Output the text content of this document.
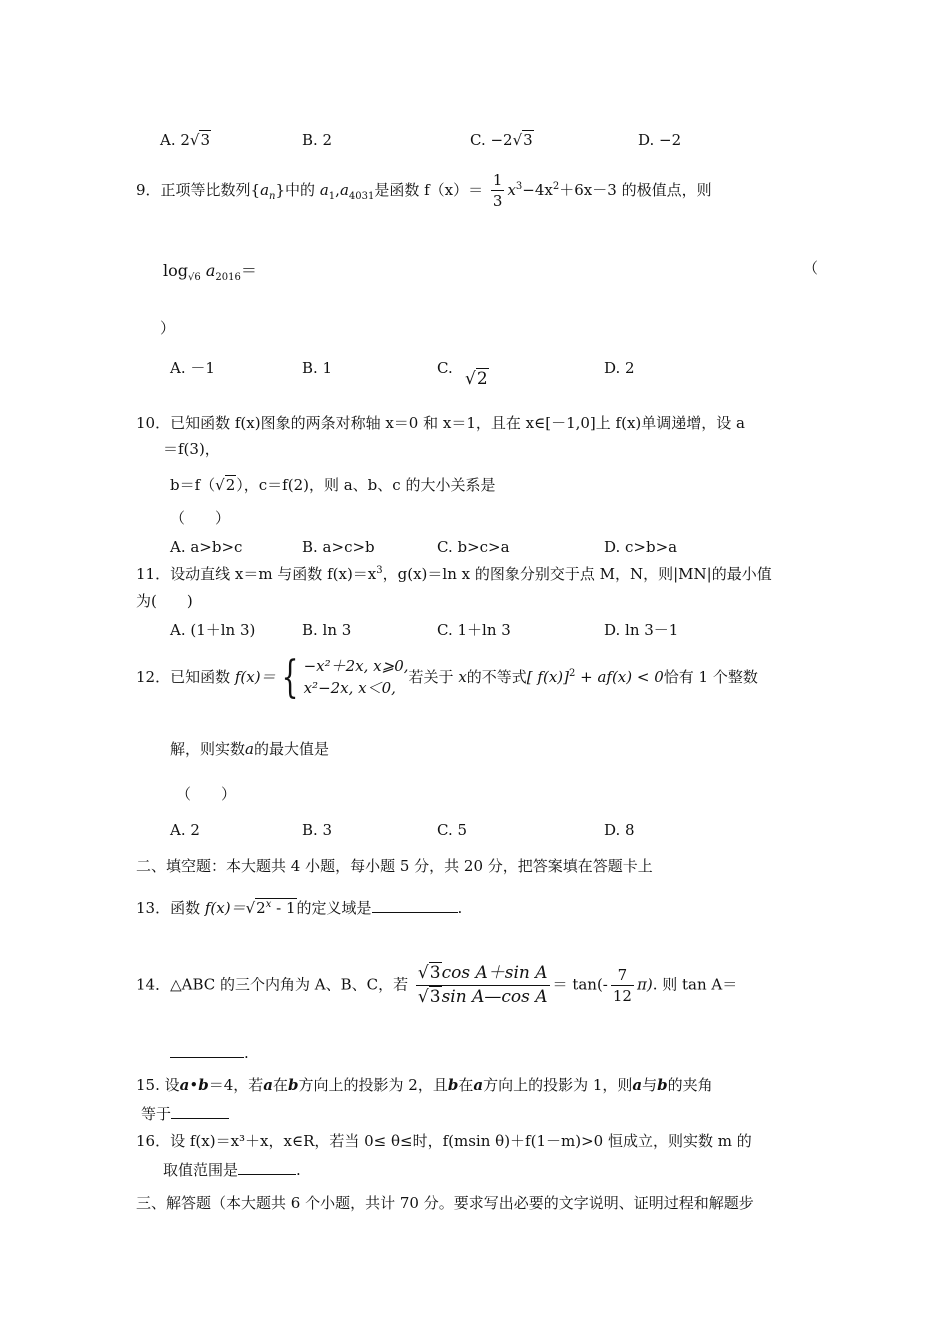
A. 2√3	B. 2	C. −2√3	D. −2
9．正项等比数列$\{a_n\}$中的 $a_1,a_{4031}$是函数 $f(x)= \frac{1}{3} x^3-4x^2+6x-3$ 的极值点，则
$\log_{√6} a_{2016}=$	（
）
A. －1	B. 1	C.
√2
D. 2
10．已知函数 f(x)图象的两条对称轴 x＝0 和 x＝1，且在 x∈[－1,0]上 f(x)单调递增，设 a
＝f(3)，
b＝f（√2），c＝f(2)，则 a、b、c 的大小关系是
（　　）
A. a>b>c	B. a>c>b	C. b>c>a	D. c>b>a
11．设动直线 x＝m 与函数 $f(x)=x^3$，g(x)＝ln x 的图象分别交于点 M，N，则|MN|的最小值
为(　　)
A. (1＋ln 3)	B. ln 3	C. 1＋ln 3	D. ln 3－1
12．已知函数 f(x)＝ { −x²＋2x, x⩾0,
x²−2x, x＜0,
若关于 x的不等式[ f(x)]$^2$ + af(x) < 0恰有 1 个整数
解，则实数a的最大值是
（　　）
A. 2	B. 3	C. 5	D. 8
二、填空题：本大题共 4 小题，每小题 5 分，共 20 分，把答案填在答题卡上
13．函数 $f(x)=√2^x - 1$的定义域是	.
14．△ABC 的三个内角为 A、B、C，若 $\frac{\text{√3cos A＋sin A}}{\text{√3sin A—cos A}} = \tan(- \frac{7}{12} \pi)$. 则 tan A＝
.
15. 设a•b＝4，若a在b方向上的投影为 2，且b在a方向上的投影为 1，则a与b的夹角
等于
16．设 f(x)＝x³＋x，x∈R，若当 0≤ θ≤时，f(msin θ)＋f(1－m)>0 恒成立，则实数 m 的
取值范围是	.
三、解答题（本大题共 6 个小题，共计 70 分。要求写出必要的文字说明、证明过程和解题步
